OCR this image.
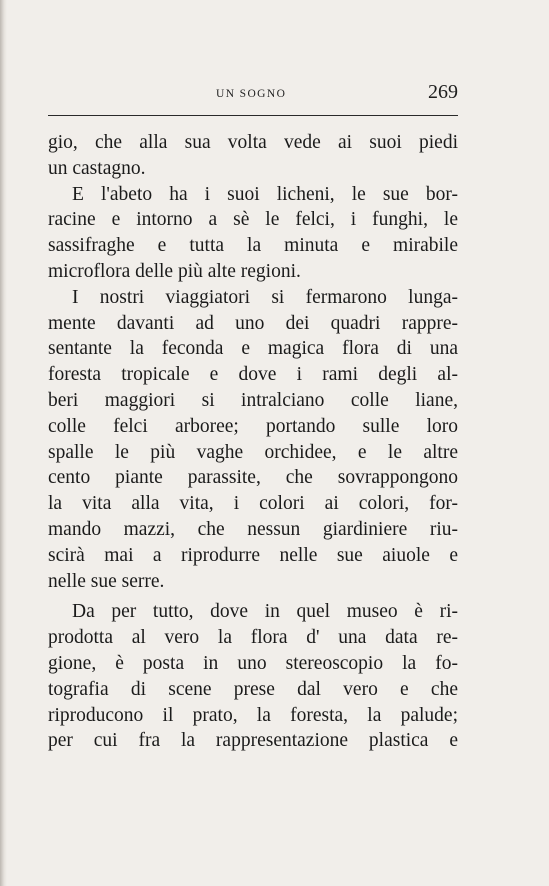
UN SOGNO	269
gio, che alla sua volta vede ai suoi piedi
un castagno.
E l'abeto ha i suoi licheni, le sue bor-
racine e intorno a sè le felci, i funghi, le
sassifraghe e tutta la minuta e mirabile
microflora delle più alte regioni.
I nostri viaggiatori si fermarono lunga-
mente davanti ad uno dei quadri rappre-
sentante la feconda e magica flora di una
foresta tropicale e dove i rami degli al-
beri maggiori si intralciano colle liane,
colle felci arboree; portando sulle loro
spalle le più vaghe orchidee, e le altre
cento piante parassite, che sovrappongono
la vita alla vita, i colori ai colori, for-
mando mazzi, che nessun giardiniere riu-
scirà mai a riprodurre nelle sue aiuole e
nelle sue serre.
Da per tutto, dove in quel museo è ri-
prodotta al vero la flora d' una data re-
gione, è posta in uno stereoscopio la fo-
tografia di scene prese dal vero e che
riproducono il prato, la foresta, la palude;
per cui fra la rappresentazione plastica e
